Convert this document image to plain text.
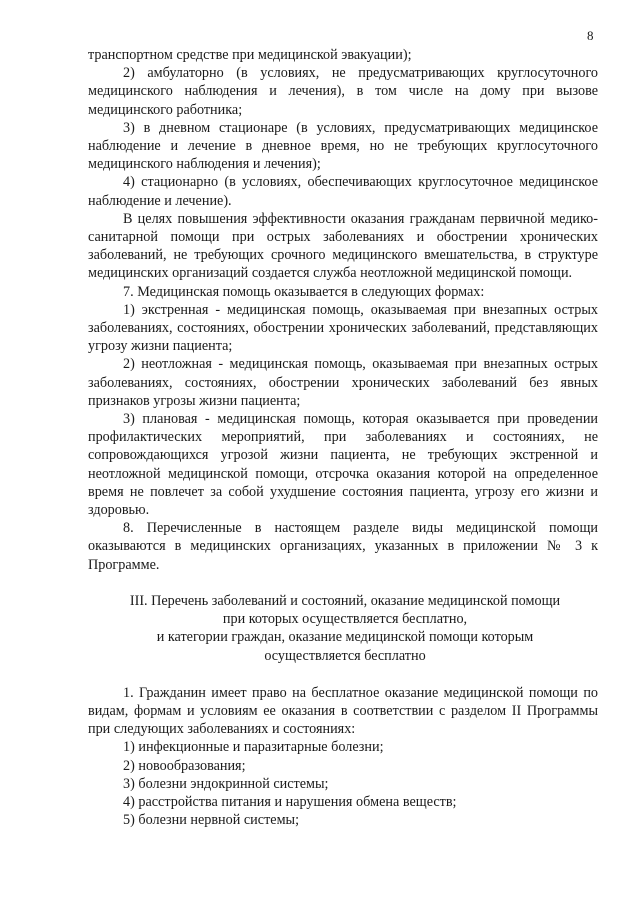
8

транспортном средстве при медицинской эвакуации);

2) амбулаторно (в условиях, не предусматривающих круглосуточного медицинского наблюдения и лечения), в том числе на дому при вызове медицинского работника;

3) в дневном стационаре (в условиях, предусматривающих медицинское наблюдение и лечение в дневное время, но не требующих круглосуточного медицинского наблюдения и лечения);

4) стационарно (в условиях, обеспечивающих круглосуточное медицинское наблюдение и лечение).

В целях повышения эффективности оказания гражданам первичной медико-санитарной помощи при острых заболеваниях и обострении хронических заболеваний, не требующих срочного медицинского вмешательства, в структуре медицинских организаций создается служба неотложной медицинской помощи.

7. Медицинская помощь оказывается в следующих формах:

1) экстренная - медицинская помощь, оказываемая при внезапных острых заболеваниях, состояниях, обострении хронических заболеваний, представляющих угрозу жизни пациента;

2) неотложная - медицинская помощь, оказываемая при внезапных острых заболеваниях, состояниях, обострении хронических заболеваний без явных признаков угрозы жизни пациента;

3) плановая - медицинская помощь, которая оказывается при проведении профилактических мероприятий, при заболеваниях и состояниях, не сопровождающихся угрозой жизни пациента, не требующих экстренной и неотложной медицинской помощи, отсрочка оказания которой на определенное время не повлечет за собой ухудшение состояния пациента, угрозу его жизни и здоровью.

8. Перечисленные в настоящем разделе виды медицинской помощи оказываются в медицинских организациях, указанных в приложении № 3 к Программе.

III. Перечень заболеваний и состояний, оказание медицинской помощи
при которых осуществляется бесплатно,
и категории граждан, оказание медицинской помощи которым
осуществляется бесплатно

1. Гражданин имеет право на бесплатное оказание медицинской помощи по видам, формам и условиям ее оказания в соответствии с разделом II Программы при следующих заболеваниях и состояниях:

1) инфекционные и паразитарные болезни;
2) новообразования;
3) болезни эндокринной системы;
4) расстройства питания и нарушения обмена веществ;
5) болезни нервной системы;
